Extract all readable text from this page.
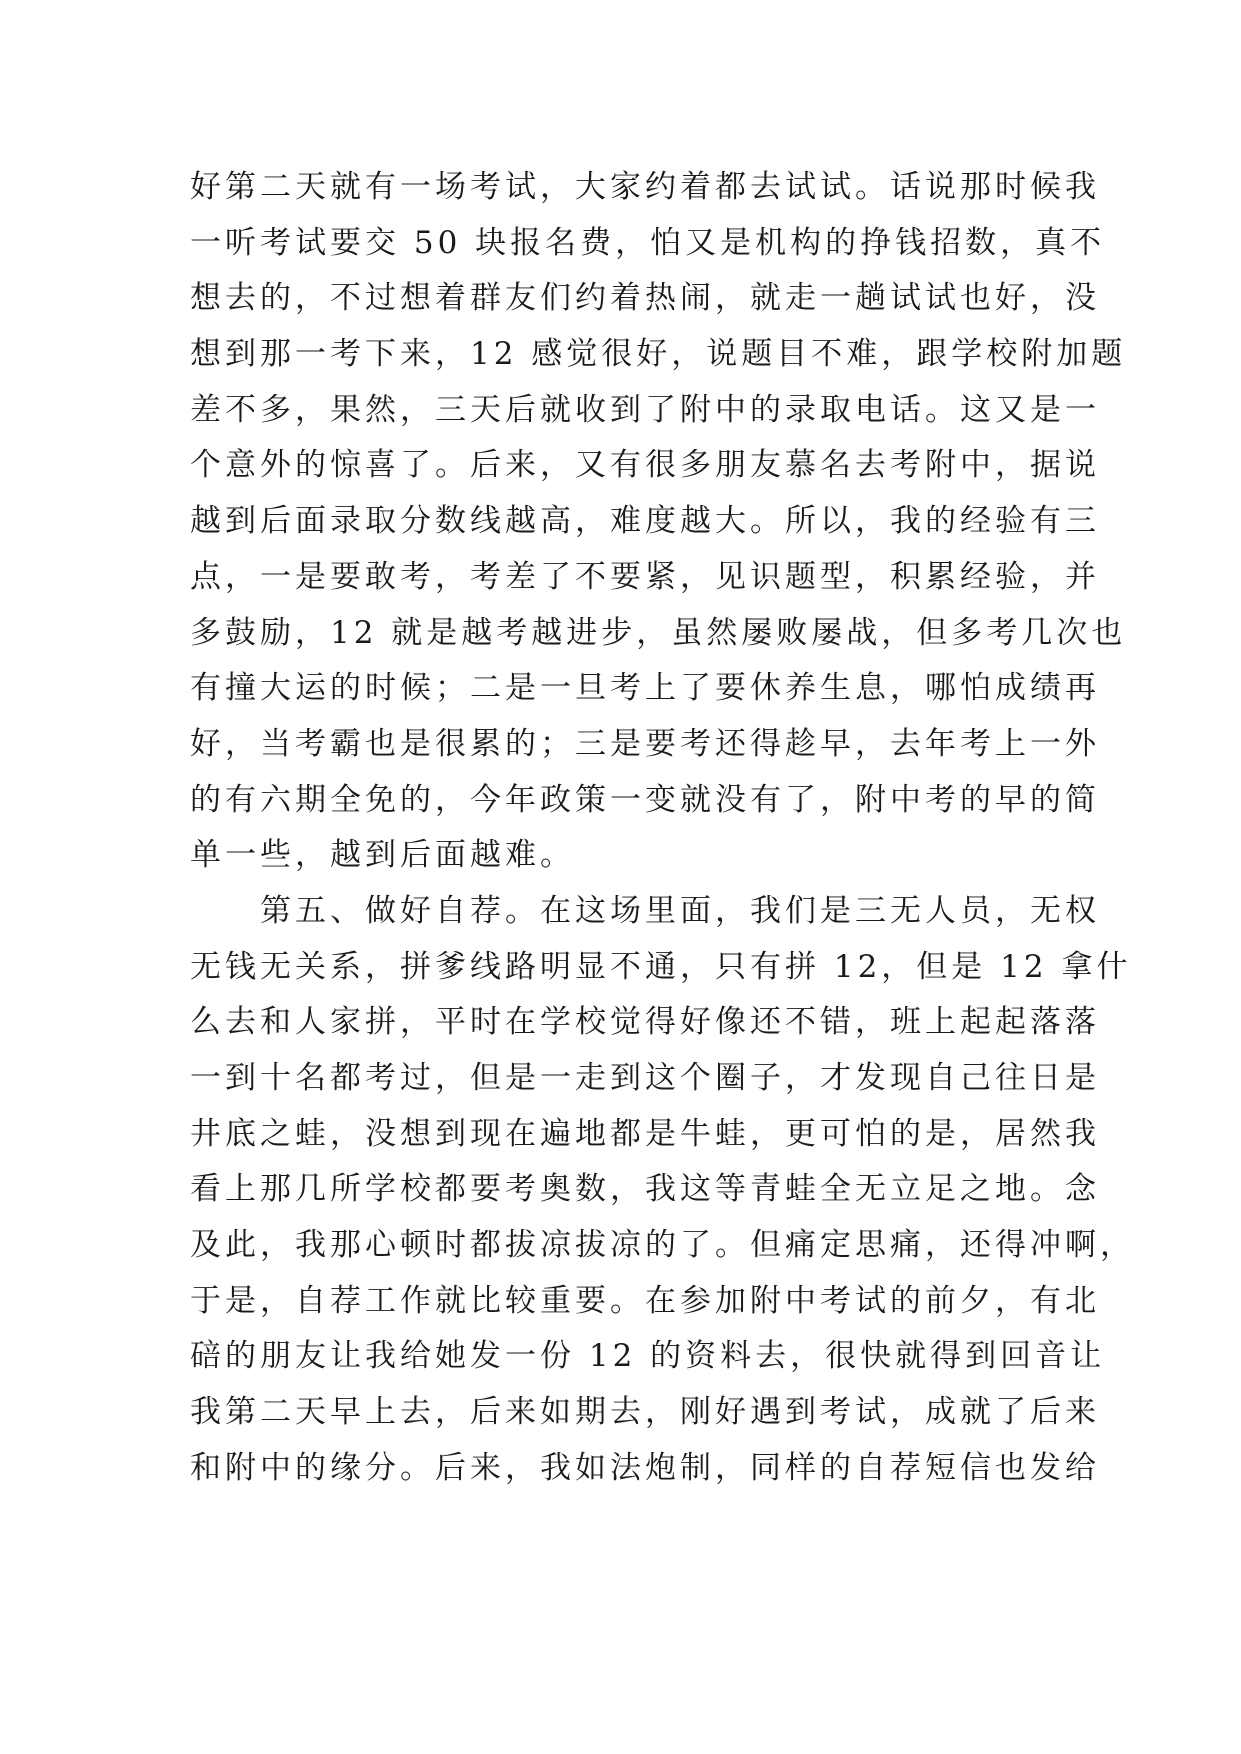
好第二天就有一场考试，大家约着都去试试。话说那时候我
一听考试要交 50 块报名费，怕又是机构的挣钱招数，真不
想去的，不过想着群友们约着热闹，就走一趟试试也好，没
想到那一考下来，12 感觉很好，说题目不难，跟学校附加题
差不多，果然，三天后就收到了附中的录取电话。这又是一
个意外的惊喜了。后来，又有很多朋友慕名去考附中，据说
越到后面录取分数线越高，难度越大。所以，我的经验有三
点，一是要敢考，考差了不要紧，见识题型，积累经验，并
多鼓励，12 就是越考越进步，虽然屡败屡战，但多考几次也
有撞大运的时候；二是一旦考上了要休养生息，哪怕成绩再
好，当考霸也是很累的；三是要考还得趁早，去年考上一外
的有六期全免的，今年政策一变就没有了，附中考的早的简
单一些，越到后面越难。
　　第五、做好自荐。在这场里面，我们是三无人员，无权
无钱无关系，拼爹线路明显不通，只有拼 12，但是 12 拿什
么去和人家拼，平时在学校觉得好像还不错，班上起起落落
一到十名都考过，但是一走到这个圈子，才发现自己往日是
井底之蛙，没想到现在遍地都是牛蛙，更可怕的是，居然我
看上那几所学校都要考奥数，我这等青蛙全无立足之地。念
及此，我那心顿时都拔凉拔凉的了。但痛定思痛，还得冲啊，
于是，自荐工作就比较重要。在参加附中考试的前夕，有北
碚的朋友让我给她发一份 12 的资料去，很快就得到回音让
我第二天早上去，后来如期去，刚好遇到考试，成就了后来
和附中的缘分。后来，我如法炮制，同样的自荐短信也发给
